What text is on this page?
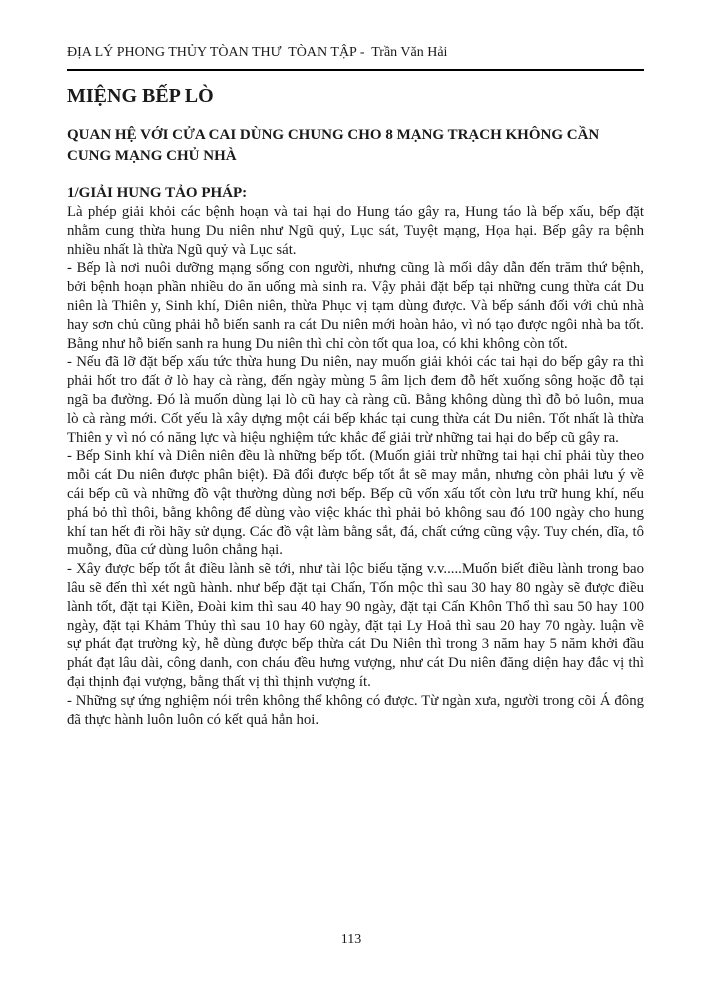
ĐỊA LÝ PHONG THỦY TÒAN THƯ  TÒAN TẬP -  Trần Văn Hải
MIỆNG BẾP LÒ
QUAN HỆ VỚI CỬA CAI DÙNG CHUNG CHO 8 MẠNG TRẠCH KHÔNG CẦN CUNG MẠNG CHỦ NHÀ
1/GIẢI HUNG TẢO PHÁP:

Là phép giải khỏi các bệnh hoạn và tai hại do Hung táo gây ra, Hung táo là bếp xấu, bếp đặt nhằm cung thừa hung Du niên như Ngũ quỷ, Lục sát, Tuyệt mạng, Họa hại. Bếp gây ra bệnh nhiều nhất là thừa Ngũ quỷ và Lục sát.

- Bếp là nơi nuôi dưỡng mạng sống con người, nhưng cũng là mối dây dẫn đến trăm thứ bệnh, bởi bệnh hoạn phần nhiều do ăn uống mà sinh ra. Vậy phải đặt bếp tại những cung thừa cát Du niên là Thiên y, Sinh khí, Diên niên, thừa Phục vị tạm dùng được. Và bếp sánh đối với chủ nhà hay sơn chủ cũng phải hỗ biến sanh ra cát Du niên mới hoàn hảo, vì nó tạo được ngôi nhà ba tốt. Bằng như hỗ biến sanh ra hung Du niên thì chỉ còn tốt qua loa, có khi không còn tốt.

- Nếu đã lỡ đặt bếp xấu tức thừa hung Du niên, nay muốn giải khỏi các tai hại do bếp gây ra thì phải hốt tro đất ở lò hay cà ràng, đến ngày mùng 5 âm lịch đem đỗ hết xuống sông hoặc đỗ tại ngã ba đường. Đó là muốn dùng lại lò cũ hay cà ràng cũ. Bằng không dùng thì đỗ bỏ luôn, mua lò cà ràng mới. Cốt yếu là xây dựng một cái bếp khác tại cung thừa cát Du niên. Tốt nhất là thừa Thiên y vì nó có năng lực và hiệu nghiệm tức khắc để giải trừ những tai hại do bếp cũ gây ra.

- Bếp Sinh khí và Diên niên đều là những bếp tốt. (Muốn giải trừ những tai hại chỉ phải tùy theo mỗi cát Du niên được phân biệt). Đã đổi được bếp tốt ắt sẽ may mắn, nhưng còn phải lưu ý về cái bếp cũ và những đồ vật thường dùng nơi bếp. Bếp cũ vốn xấu tốt còn lưu trữ hung khí, nếu phá bỏ thì thôi, bằng không để dùng vào việc khác thì phải bỏ không sau đó 100 ngày cho hung khí tan hết đi rồi hãy sử dụng. Các đồ vật làm bằng sắt, đá, chất cứng cũng vậy. Tuy chén, dĩa, tô muỗng, đũa cứ dùng luôn chẳng hại.

- Xây được bếp tốt ắt điều lành sẽ tới, như tài lộc biếu tặng v.v.....Muốn biết điều lành trong bao lâu sẽ đến thì xét ngũ hành. như bếp đặt tại Chấn, Tốn mộc thì sau 30 hay 80 ngày sẽ được điều lành tốt, đặt tại Kiền, Đoài kim thì sau 40 hay 90 ngày, đặt tại Cấn Khôn Thổ thì sau 50 hay 100 ngày, đặt tại Khảm Thủy thì sau 10 hay 60 ngày, đặt tại Ly Hoả thì sau 20 hay 70 ngày. luận về sự phát đạt trường kỳ, hễ dùng được bếp thừa cát Du Niên thì trong 3 năm hay 5 năm khởi đầu phát đạt lâu dài, công danh, con cháu đều hưng vượng, như cát Du niên đăng diện hay đắc vị thì đại thịnh đại vượng, bằng thất vị thì thịnh vượng ít.

- Những sự ứng nghiệm nói trên không thể không có được. Từ ngàn xưa, người trong cõi Á đông đã thực hành luôn luôn có kết quả hẳn hoi.

113
